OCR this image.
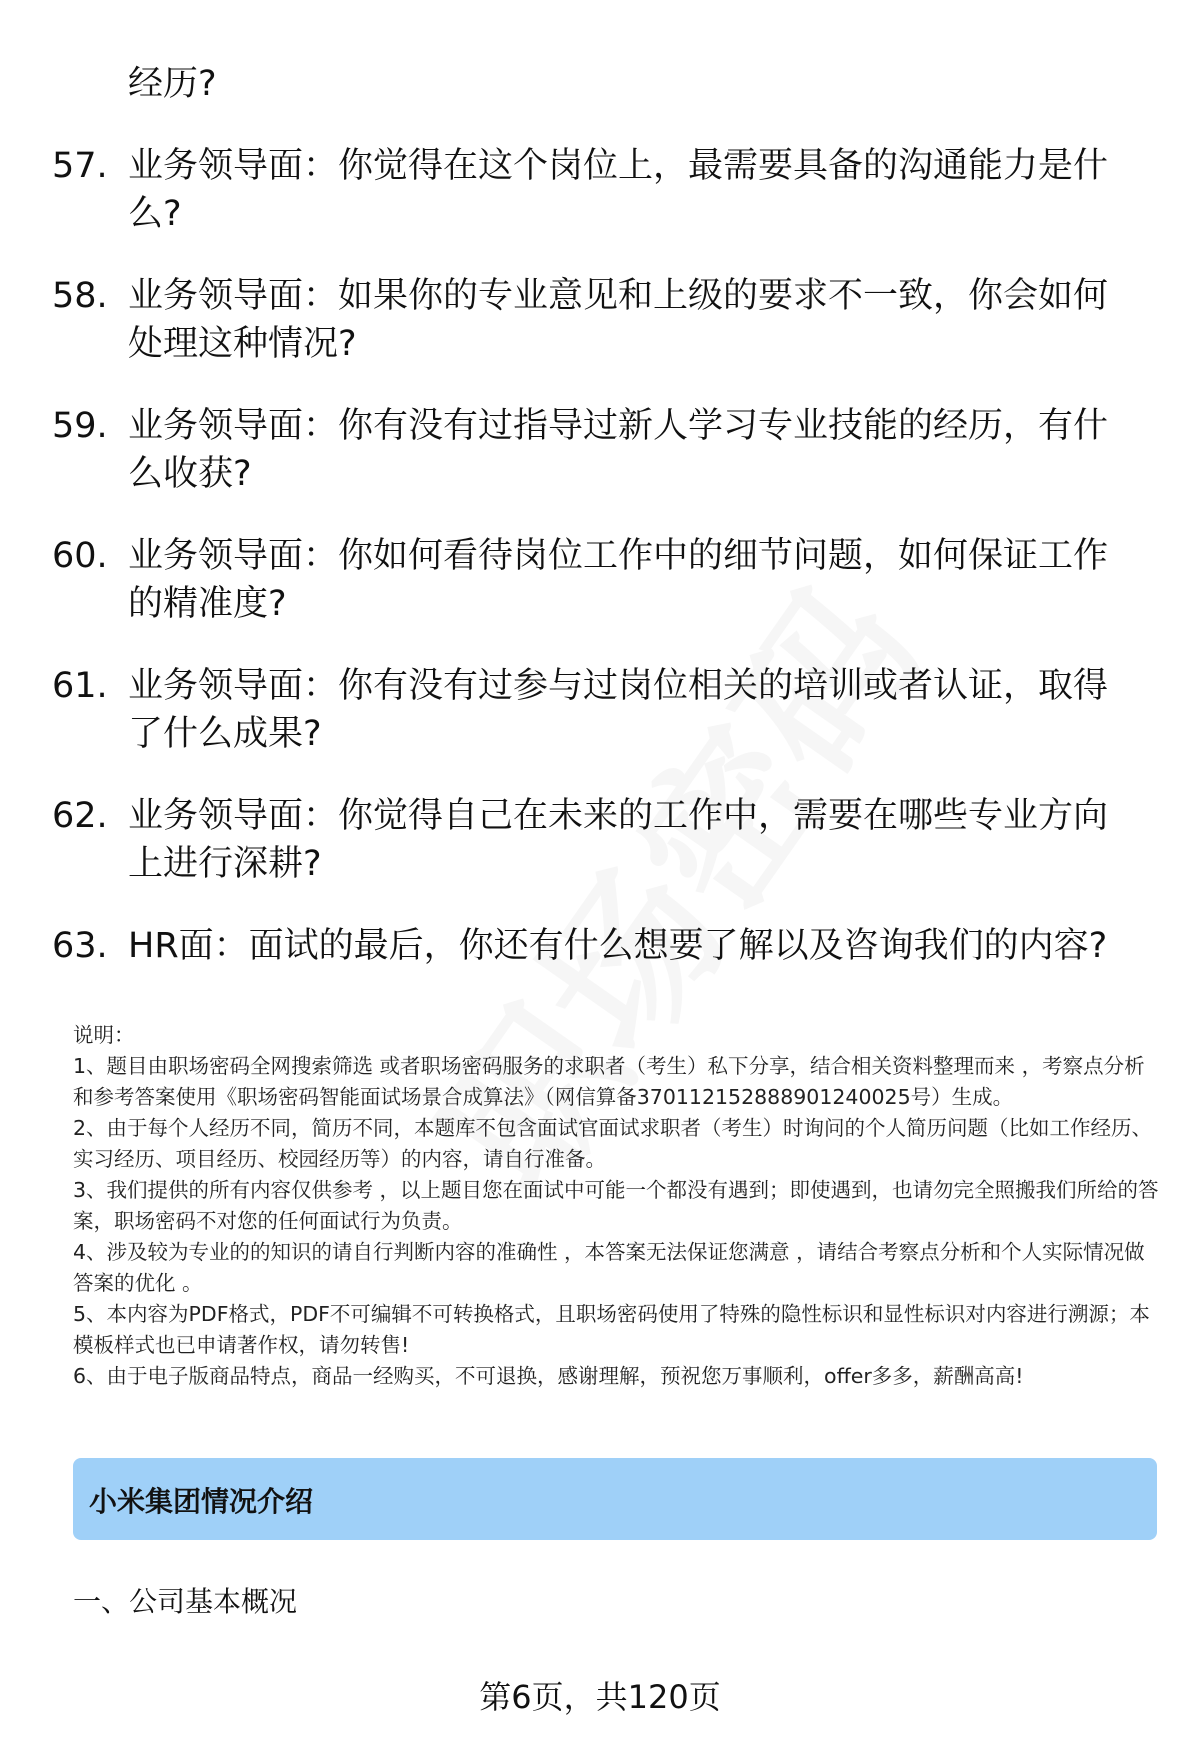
经历?
57. 业务领导面：你觉得在这个岗位上，最需要具备的沟通能力是什么?
58. 业务领导面：如果你的专业意见和上级的要求不一致，你会如何处理这种情况?
59. 业务领导面：你有没有过指导过新人学习专业技能的经历，有什么收获?
60. 业务领导面：你如何看待岗位工作中的细节问题，如何保证工作的精准度?
61. 业务领导面：你有没有过参与过岗位相关的培训或者认证，取得了什么成果?
62. 业务领导面：你觉得自己在未来的工作中，需要在哪些专业方向上进行深耕?
63. HR面：面试的最后，你还有什么想要了解以及咨询我们的内容?
说明：
1、题目由职场密码全网搜索筛选 或者职场密码服务的求职者（考生）私下分享，结合相关资料整理而来 ，考察点分析和参考答案使用《职场密码智能面试场景合成算法》（网信算备370112152888901240025号）生成。
2、由于每个人经历不同，简历不同，本题库不包含面试官面试求职者（考生）时询问的个人简历问题（比如工作经历、实习经历、项目经历、校园经历等）的内容，请自行准备。
3、我们提供的所有内容仅供参考 ，以上题目您在面试中可能一个都没有遇到；即使遇到，也请勿完全照搬我们所给的答案，职场密码不对您的任何面试行为负责。
4、涉及较为专业的的知识的请自行判断内容的准确性 ，本答案无法保证您满意 ，请结合考察点分析和个人实际情况做答案的优化 。
5、本内容为PDF格式，PDF不可编辑不可转换格式，且职场密码使用了特殊的隐性标识和显性标识对内容进行溯源；本模板样式也已申请著作权，请勿转售!
6、由于电子版商品特点，商品一经购买，不可退换，感谢理解，预祝您万事顺利，offer多多，薪酬高高!
小米集团情况介绍
一、公司基本概况
第6页，共120页
